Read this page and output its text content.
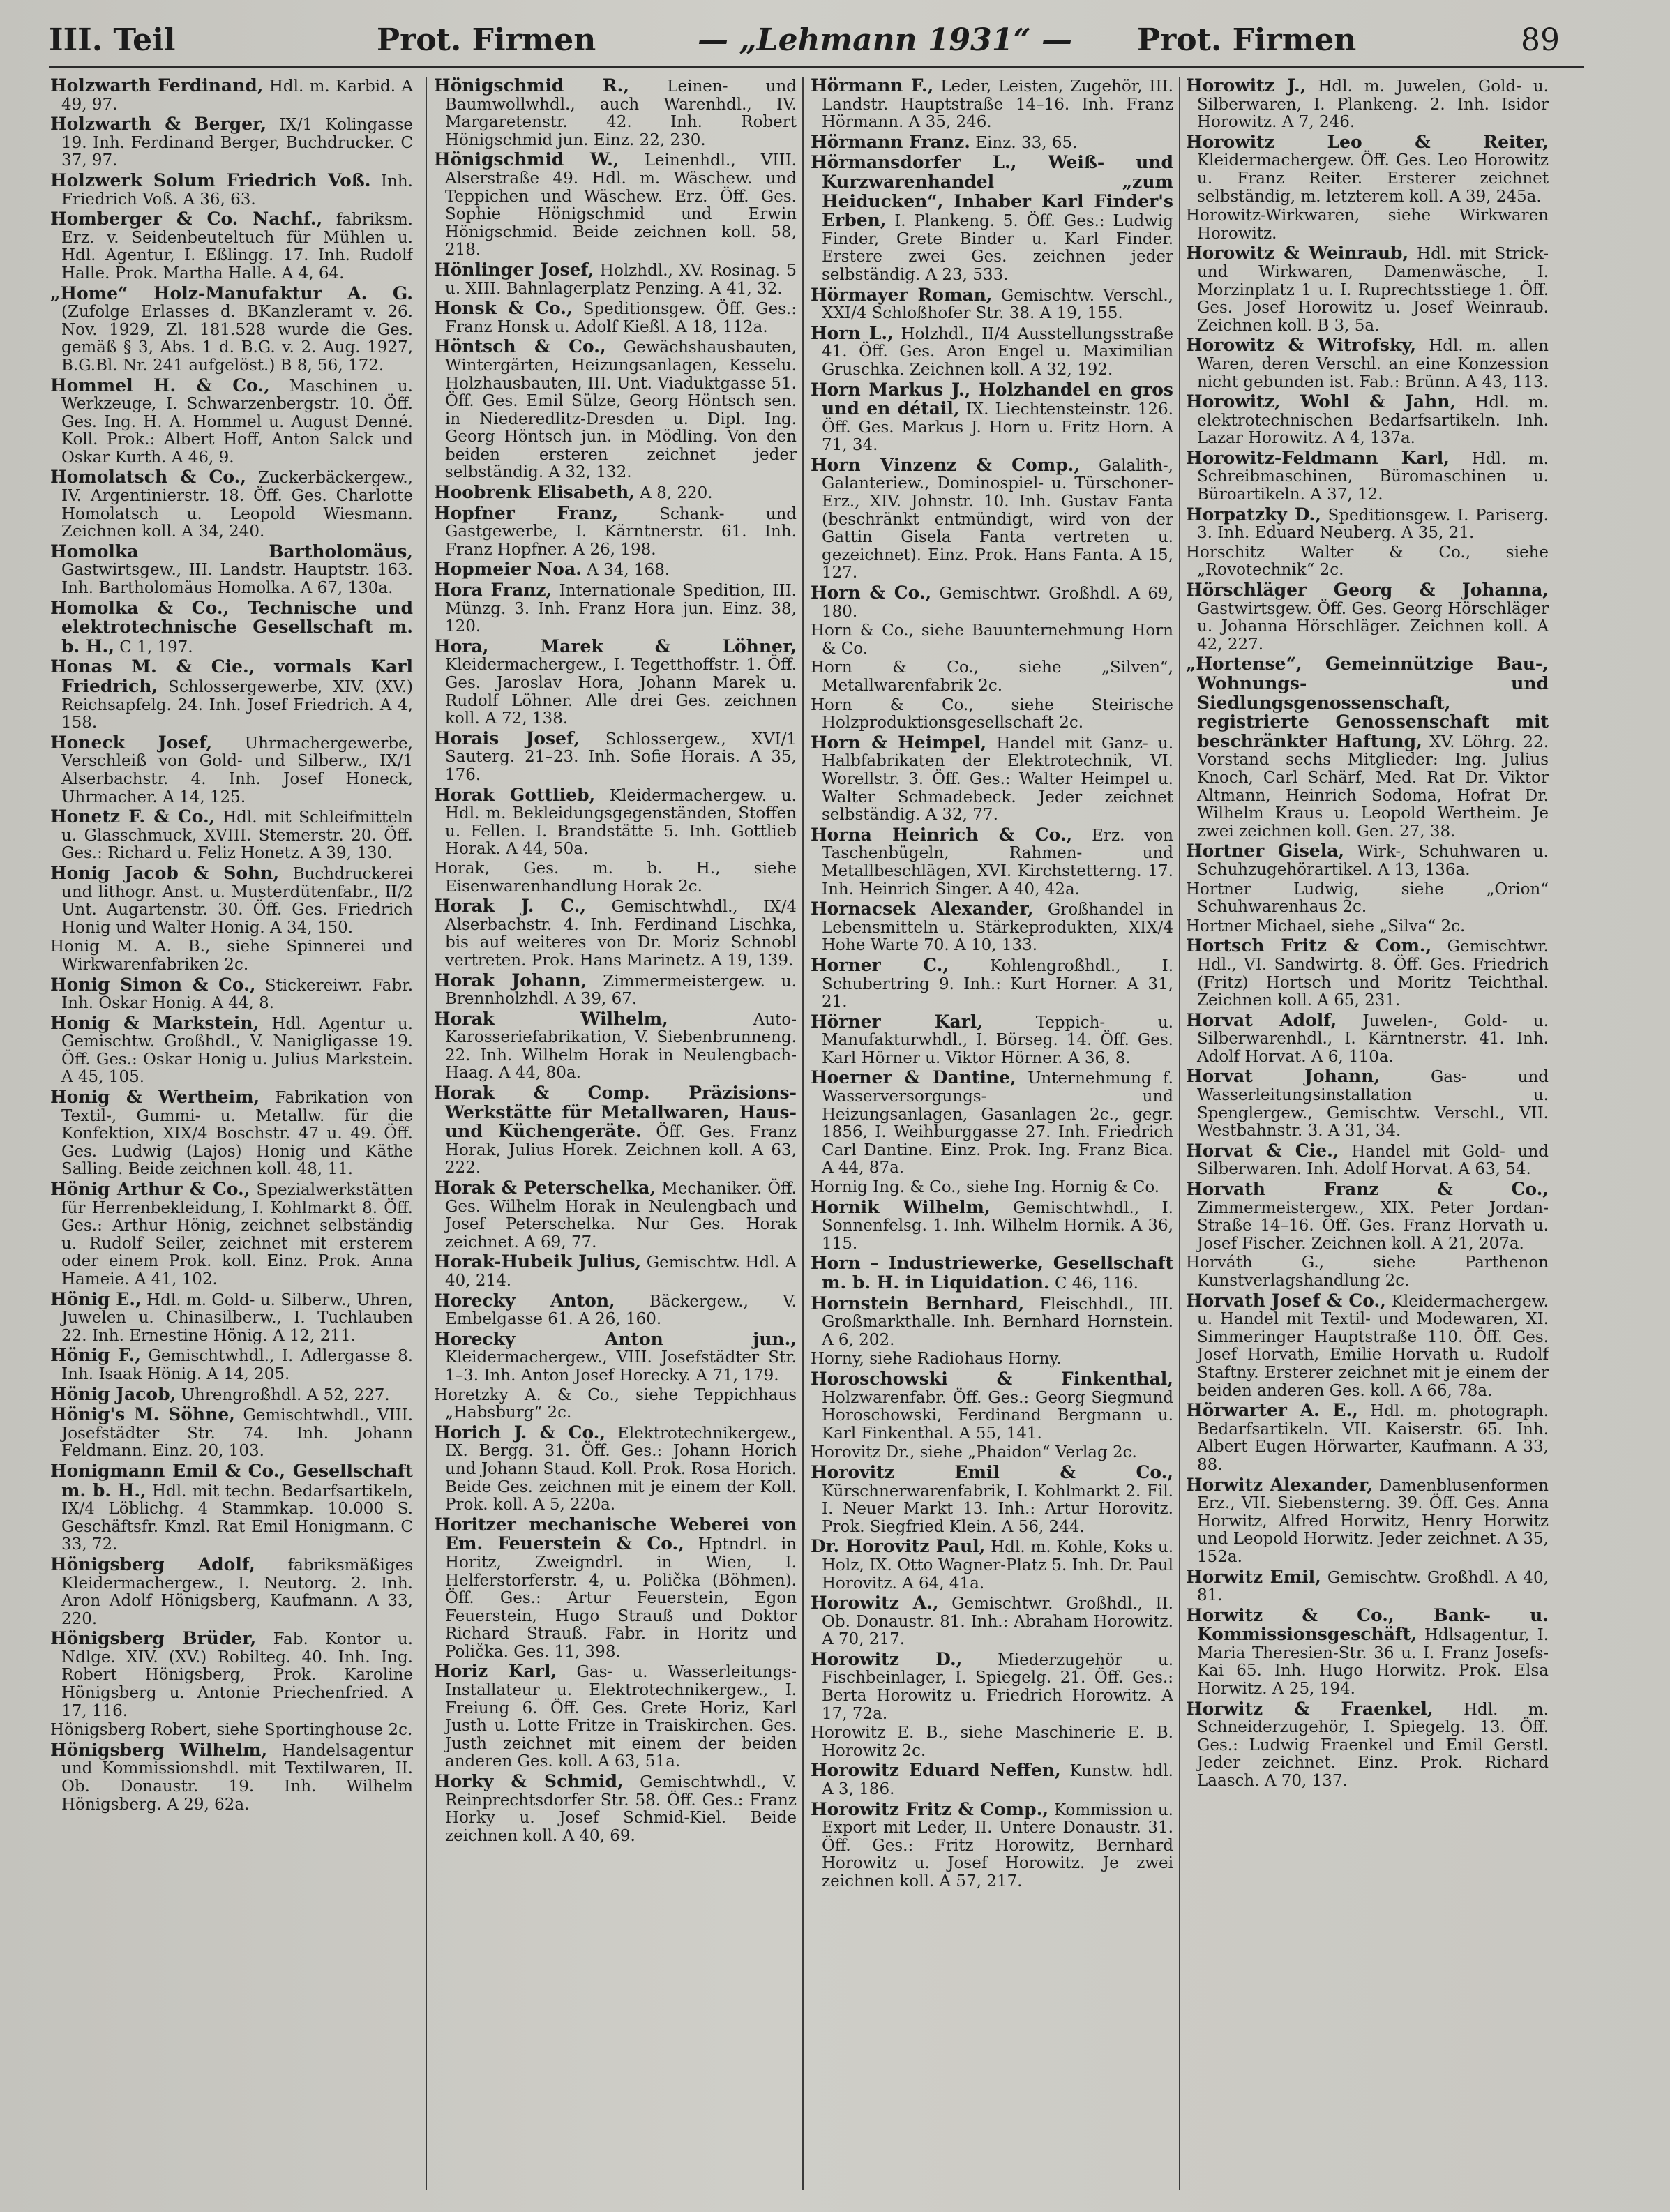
III. Teil	Prot. Firmen	— „Lehmann 1931“ — Prot. Firmen	89
Holzwarth Ferdinand, Hdl. m. Karbid. A 49, 97.
Holzwarth & Berger, IX/1 Kolingasse 19. Inh. Ferdinand Berger, Buchdrucker. C 37, 97.
Holzwerk Solum Friedrich Voß. Inh. Friedrich Voß. A 36, 63.
Homberger & Co. Nachf., fabriksm. Erz. v. Seidenbeuteltuch für Mühlen u. Hdl. Agentur, I. Eßlingg. 17. Inh. Rudolf Halle. Prok. Martha Halle. A 4, 64.
„Home“ Holz-Manufaktur A. G. (Zufolge Erlasses d. BKanzleramt v. 26. Nov. 1929, Zl. 181.528 wurde die Ges. gemäß § 3, Abs. 1 d. B.G. v. 2. Aug. 1927, B.G.Bl. Nr. 241 aufgelöst.) B 8, 56, 172.
Hommel H. & Co., Maschinen u. Werkzeuge, I. Schwarzenbergstr. 10. Öff. Ges. Ing. H. A. Hommel u. August Denné. Koll. Prok.: Albert Hoff, Anton Salck und Oskar Kurth. A 46, 9.
Homolatsch & Co., Zuckerbäckergew., IV. Argentinierstr. 18. Öff. Ges. Charlotte Homolatsch u. Leopold Wiesmann. Zeichnen koll. A 34, 240.
Homolka Bartholomäus, Gastwirtsgew., III. Landstr. Hauptstr. 163. Inh. Bartholomäus Homolka. A 67, 130a.
Homolka & Co., Technische und elektrotechnische Gesellschaft m. b. H., C 1, 197.
Honas M. & Cie., vormals Karl Friedrich, Schlossergewerbe, XIV. (XV.) Reichsapfelg. 24. Inh. Josef Friedrich. A 4, 158.
Honeck Josef, Uhrmachergewerbe, Verschleiß von Gold- und Silberw., IX/1 Alserbachstr. 4. Inh. Josef Honeck, Uhrmacher. A 14, 125.
Honetz F. & Co., Hdl. mit Schleifmitteln u. Glasschmuck, XVIII. Stemerstr. 20. Öff. Ges.: Richard u. Feliz Honetz. A 39, 130.
Honig Jacob & Sohn, Buchdruckerei und lithogr. Anst. u. Musterdütenfabr., II/2 Unt. Augartenstr. 30. Öff. Ges. Friedrich Honig und Walter Honig. A 34, 150.
Honig M. A. B., siehe Spinnerei und Wirkwarenfabriken 2c.
Honig Simon & Co., Stickereiwr. Fabr. Inh. Oskar Honig. A 44, 8.
Honig & Markstein, Hdl. Agentur u. Gemischtw. Großhdl., V. Nanigligasse 19. Öff. Ges.: Oskar Honig u. Julius Markstein. A 45, 105.
Honig & Wertheim, Fabrikation von Textil-, Gummi- u. Metallw. für die Konfektion, XIX/4 Boschstr. 47 u. 49. Öff. Ges. Ludwig (Lajos) Honig und Käthe Salling. Beide zeichnen koll. 48, 11.
Hönig Arthur & Co., Spezialwerkstätten für Herrenbekleidung, I. Kohlmarkt 8. Öff. Ges.: Arthur Hönig, zeichnet selbständig u. Rudolf Seiler, zeichnet mit ersterem oder einem Prok. koll. Einz. Prok. Anna Hameie. A 41, 102.
Hönig E., Hdl. m. Gold- u. Silberw., Uhren, Juwelen u. Chinasilberw., I. Tuchlauben 22. Inh. Ernestine Hönig. A 12, 211.
Hönig F., Gemischtwhdl., I. Adlergasse 8. Inh. Isaak Hönig. A 14, 205.
Hönig Jacob, Uhrengroßhdl. A 52, 227.
Hönig's M. Söhne, Gemischtwhdl., VIII. Josefstädter Str. 74. Inh. Johann Feldmann. Einz. 20, 103.
Honigmann Emil & Co., Gesellschaft m. b. H., Hdl. mit techn. Bedarfsartikeln, IX/4 Löblichg. 4 Stammkap. 10.000 S. Geschäftsfr. Kmzl. Rat Emil Honigmann. C 33, 72.
Hönigsberg Adolf, fabriksmäßiges Kleidermachergew., I. Neutorg. 2. Inh. Aron Adolf Hönigsberg, Kaufmann. A 33, 220.
Hönigsberg Brüder, Fab. Kontor u. Ndlge. XIV. (XV.) Robilteg. 40. Inh. Ing. Robert Hönigsberg, Prok. Karoline Hönigsberg u. Antonie Priechenfried. A 17, 116.
Hönigsberg Robert, siehe Sportinghouse 2c.
Hönigsberg Wilhelm, Handelsagentur und Kommissionshdl. mit Textilwaren, II. Ob. Donaustr. 19. Inh. Wilhelm Hönigsberg. A 29, 62a.
Hönigschmid R., Leinen- und Baumwollwhdl., auch Warenhdl., IV. Margaretenstr. 42. Inh. Robert Hönigschmid jun. Einz. 22, 230.
Hönigschmid W., Leinenhdl., VIII. Alserstraße 49. Hdl. m. Wäschew. und Teppichen und Wäschew. Erz. Öff. Ges. Sophie Hönigschmid und Erwin Hönigschmid. Beide zeichnen koll. 58, 218.
Hönlinger Josef, Holzhdl., XV. Rosinag. 5 u. XIII. Bahnlagerplatz Penzing. A 41, 32.
Honsk & Co., Speditionsgew. Öff. Ges.: Franz Honsk u. Adolf Kießl. A 18, 112a.
Höntsch & Co., Gewächshausbauten, Wintergärten, Heizungsanlagen, Kesselu. Holzhausbauten, III. Unt. Viaduktgasse 51. Öff. Ges. Emil Sülze, Georg Höntsch sen. in Niederedlitz-Dresden u. Dipl. Ing. Georg Höntsch jun. in Mödling. Von den beiden ersteren zeichnet jeder selbständig. A 32, 132.
Hoobrenk Elisabeth, A 8, 220.
Hopfner Franz, Schank- und Gastgewerbe, I. Kärntnerstr. 61. Inh. Franz Hopfner. A 26, 198.
Hopmeier Noa. A 34, 168.
Hora Franz, Internationale Spedition, III. Münzg. 3. Inh. Franz Hora jun. Einz. 38, 120.
Hora, Marek & Löhner, Kleidermachergew., I. Tegetthoffstr. 1. Öff. Ges. Jaroslav Hora, Johann Marek u. Rudolf Löhner. Alle drei Ges. zeichnen koll. A 72, 138.
Horais Josef, Schlossergew., XVI/1 Sauterg. 21–23. Inh. Sofie Horais. A 35, 176.
Horak Gottlieb, Kleidermachergew. u. Hdl. m. Bekleidungsgegenständen, Stoffen u. Fellen. I. Brandstätte 5. Inh. Gottlieb Horak. A 44, 50a.
Horak, Ges. m. b. H., siehe Eisenwarenhandlung Horak 2c.
Horak J. C., Gemischtwhdl., IX/4 Alserbachstr. 4. Inh. Ferdinand Lischka, bis auf weiteres von Dr. Moriz Schnobl vertreten. Prok. Hans Marinetz. A 19, 139.
Horak Johann, Zimmermeistergew. u. Brennholzhdl. A 39, 67.
Horak Wilhelm, Auto-Karosseriefabrikation, V. Siebenbrunneng. 22. Inh. Wilhelm Horak in Neulengbach-Haag. A 44, 80a.
Horak & Comp. Präzisions-Werkstätte für Metallwaren, Haus- und Küchengeräte. Öff. Ges. Franz Horak, Julius Horek. Zeichnen koll. A 63, 222.
Horak & Peterschelka, Mechaniker. Öff. Ges. Wilhelm Horak in Neulengbach und Josef Peterschelka. Nur Ges. Horak zeichnet. A 69, 77.
Horak-Hubeik Julius, Gemischtw. Hdl. A 40, 214.
Horecky Anton, Bäckergew., V. Embelgasse 61. A 26, 160.
Horecky Anton jun., Kleidermachergew., VIII. Josefstädter Str. 1–3. Inh. Anton Josef Horecky. A 71, 179.
Horetzky A. & Co., siehe Teppichhaus „Habsburg“ 2c.
Horich J. & Co., Elektrotechnikergew., IX. Bergg. 31. Öff. Ges.: Johann Horich und Johann Staud. Koll. Prok. Rosa Horich. Beide Ges. zeichnen mit je einem der Koll. Prok. koll. A 5, 220a.
Horitzer mechanische Weberei von Em. Feuerstein & Co., Hptndrl. in Horitz, Zweigndrl. in Wien, I. Helferstorferstr. 4, u. Polička (Böhmen). Öff. Ges.: Artur Feuerstein, Egon Feuerstein, Hugo Strauß und Doktor Richard Strauß. Fabr. in Horitz und Polička. Ges. 11, 398.
Horiz Karl, Gas- u. Wasserleitungs-Installateur u. Elektrotechnikergew., I. Freiung 6. Öff. Ges. Grete Horiz, Karl Justh u. Lotte Fritze in Traiskirchen. Ges. Justh zeichnet mit einem der beiden anderen Ges. koll. A 63, 51a.
Horky & Schmid, Gemischtwhdl., V. Reinprechtsdorfer Str. 58. Öff. Ges.: Franz Horky u. Josef Schmid-Kiel. Beide zeichnen koll. A 40, 69.
Hörmann F., Leder, Leisten, Zugehör, III. Landstr. Hauptstraße 14–16. Inh. Franz Hörmann. A 35, 246.
Hörmann Franz. Einz. 33, 65.
Hörmansdorfer L., Weiß- und Kurzwarenhandel „zum Heiducken“, Inhaber Karl Finder's Erben, I. Plankeng. 5. Öff. Ges.: Ludwig Finder, Grete Binder u. Karl Finder. Erstere zwei Ges. zeichnen jeder selbständig. A 23, 533.
Hörmayer Roman, Gemischtw. Verschl., XXI/4 Schloßhofer Str. 38. A 19, 155.
Horn L., Holzhdl., II/4 Ausstellungsstraße 41. Öff. Ges. Aron Engel u. Maximilian Gruschka. Zeichnen koll. A 32, 192.
Horn Markus J., Holzhandel en gros und en détail, IX. Liechtensteinstr. 126. Öff. Ges. Markus J. Horn u. Fritz Horn. A 71, 34.
Horn Vinzenz & Comp., Galalith-, Galanteriew., Dominospiel- u. Türschoner-Erz., XIV. Johnstr. 10. Inh. Gustav Fanta (beschränkt entmündigt, wird von der Gattin Gisela Fanta vertreten u. gezeichnet). Einz. Prok. Hans Fanta. A 15, 127.
Horn & Co., Gemischtwr. Großhdl. A 69, 180.
Horn & Co., siehe Bauunternehmung Horn & Co.
Horn & Co., siehe „Silven“, Metallwarenfabrik 2c.
Horn & Co., siehe Steirische Holzproduktionsgesellschaft 2c.
Horn & Heimpel, Handel mit Ganz- u. Halbfabrikaten der Elektrotechnik, VI. Worellstr. 3. Öff. Ges.: Walter Heimpel u. Walter Schmadebeck. Jeder zeichnet selbständig. A 32, 77.
Horna Heinrich & Co., Erz. von Taschenbügeln, Rahmen- und Metallbeschlägen, XVI. Kirchstetterng. 17. Inh. Heinrich Singer. A 40, 42a.
Hornacsek Alexander, Großhandel in Lebensmitteln u. Stärkeprodukten, XIX/4 Hohe Warte 70. A 10, 133.
Horner C., Kohlengroßhdl., I. Schubertring 9. Inh.: Kurt Horner. A 31, 21.
Hörner Karl, Teppich- u. Manufakturwhdl., I. Börseg. 14. Öff. Ges. Karl Hörner u. Viktor Hörner. A 36, 8.
Hoerner & Dantine, Unternehmung f. Wasserversorgungs- und Heizungsanlagen, Gasanlagen 2c., gegr. 1856, I. Weihburggasse 27. Inh. Friedrich Carl Dantine. Einz. Prok. Ing. Franz Bica. A 44, 87a.
Hornig Ing. & Co., siehe Ing. Hornig & Co.
Hornik Wilhelm, Gemischtwhdl., I. Sonnenfelsg. 1. Inh. Wilhelm Hornik. A 36, 115.
Horn – Industriewerke, Gesellschaft m. b. H. in Liquidation. C 46, 116.
Hornstein Bernhard, Fleischhdl., III. Großmarkthalle. Inh. Bernhard Hornstein. A 6, 202.
Horny, siehe Radiohaus Horny.
Horoschowski & Finkenthal, Holzwarenfabr. Öff. Ges.: Georg Siegmund Horoschowski, Ferdinand Bergmann u. Karl Finkenthal. A 55, 141.
Horovitz Dr., siehe „Phaidon“ Verlag 2c.
Horovitz Emil & Co., Kürschnerwarenfabrik, I. Kohlmarkt 2. Fil. I. Neuer Markt 13. Inh.: Artur Horovitz. Prok. Siegfried Klein. A 56, 244.
Dr. Horovitz Paul, Hdl. m. Kohle, Koks u. Holz, IX. Otto Wagner-Platz 5. Inh. Dr. Paul Horovitz. A 64, 41a.
Horowitz A., Gemischtwr. Großhdl., II. Ob. Donaustr. 81. Inh.: Abraham Horowitz. A 70, 217.
Horowitz D., Miederzugehör u. Fischbeinlager, I. Spiegelg. 21. Öff. Ges.: Berta Horowitz u. Friedrich Horowitz. A 17, 72a.
Horowitz E. B., siehe Maschinerie E. B. Horowitz 2c.
Horowitz Eduard Neffen, Kunstw. hdl. A 3, 186.
Horowitz Fritz & Comp., Kommission u. Export mit Leder, II. Untere Donaustr. 31. Öff. Ges.: Fritz Horowitz, Bernhard Horowitz u. Josef Horowitz. Je zwei zeichnen koll. A 57, 217.
Horowitz J., Hdl. m. Juwelen, Gold- u. Silberwaren, I. Plankeng. 2. Inh. Isidor Horowitz. A 7, 246.
Horowitz Leo & Reiter, Kleidermachergew. Öff. Ges. Leo Horowitz u. Franz Reiter. Ersterer zeichnet selbständig, m. letzterem koll. A 39, 245a.
Horowitz-Wirkwaren, siehe Wirkwaren Horowitz.
Horowitz & Weinraub, Hdl. mit Strick- und Wirkwaren, Damenwäsche, I. Morzinplatz 1 u. I. Ruprechtsstiege 1. Öff. Ges. Josef Horowitz u. Josef Weinraub. Zeichnen koll. B 3, 5a.
Horowitz & Witrofsky, Hdl. m. allen Waren, deren Verschl. an eine Konzession nicht gebunden ist. Fab.: Brünn. A 43, 113.
Horowitz, Wohl & Jahn, Hdl. m. elektrotechnischen Bedarfsartikeln. Inh. Lazar Horowitz. A 4, 137a.
Horowitz-Feldmann Karl, Hdl. m. Schreibmaschinen, Büromaschinen u. Büroartikeln. A 37, 12.
Horpatzky D., Speditionsgew. I. Pariserg. 3. Inh. Eduard Neuberg. A 35, 21.
Horschitz Walter & Co., siehe „Rovotechnik“ 2c.
Hörschläger Georg & Johanna, Gastwirtsgew. Öff. Ges. Georg Hörschläger u. Johanna Hörschläger. Zeichnen koll. A 42, 227.
„Hortense“, Gemeinnützige Bau-, Wohnungs- und Siedlungsgenossenschaft, registrierte Genossenschaft mit beschränkter Haftung, XV. Löhrg. 22. Vorstand sechs Mitglieder: Ing. Julius Knoch, Carl Schärf, Med. Rat Dr. Viktor Altmann, Heinrich Sodoma, Hofrat Dr. Wilhelm Kraus u. Leopold Wertheim. Je zwei zeichnen koll. Gen. 27, 38.
Hortner Gisela, Wirk-, Schuhwaren u. Schuhzugehörartikel. A 13, 136a.
Hortner Ludwig, siehe „Orion“ Schuhwarenhaus 2c.
Hortner Michael, siehe „Silva“ 2c.
Hortsch Fritz & Com., Gemischtwr. Hdl., VI. Sandwirtg. 8. Öff. Ges. Friedrich (Fritz) Hortsch und Moritz Teichthal. Zeichnen koll. A 65, 231.
Horvat Adolf, Juwelen-, Gold- u. Silberwarenhdl., I. Kärntnerstr. 41. Inh. Adolf Horvat. A 6, 110a.
Horvat Johann, Gas- und Wasserleitungsinstallation u. Spenglergew., Gemischtw. Verschl., VII. Westbahnstr. 3. A 31, 34.
Horvat & Cie., Handel mit Gold- und Silberwaren. Inh. Adolf Horvat. A 63, 54.
Horvath Franz & Co., Zimmermeistergew., XIX. Peter Jordan-Straße 14–16. Öff. Ges. Franz Horvath u. Josef Fischer. Zeichnen koll. A 21, 207a.
Horváth G., siehe Parthenon Kunstverlagshandlung 2c.
Horvath Josef & Co., Kleidermachergew. u. Handel mit Textil- und Modewaren, XI. Simmeringer Hauptstraße 110. Öff. Ges. Josef Horvath, Emilie Horvath u. Rudolf Staftny. Ersterer zeichnet mit je einem der beiden anderen Ges. koll. A 66, 78a.
Hörwarter A. E., Hdl. m. photograph. Bedarfsartikeln. VII. Kaiserstr. 65. Inh. Albert Eugen Hörwarter, Kaufmann. A 33, 88.
Horwitz Alexander, Damenblusenformen Erz., VII. Siebensterng. 39. Öff. Ges. Anna Horwitz, Alfred Horwitz, Henry Horwitz und Leopold Horwitz. Jeder zeichnet. A 35, 152a.
Horwitz Emil, Gemischtw. Großhdl. A 40, 81.
Horwitz & Co., Bank- u. Kommissionsgeschäft, Hdlsagentur, I. Maria Theresien-Str. 36 u. I. Franz Josefs-Kai 65. Inh. Hugo Horwitz. Prok. Elsa Horwitz. A 25, 194.
Horwitz & Fraenkel, Hdl. m. Schneiderzugehör, I. Spiegelg. 13. Öff. Ges.: Ludwig Fraenkel und Emil Gerstl. Jeder zeichnet. Einz. Prok. Richard Laasch. A 70, 137.
